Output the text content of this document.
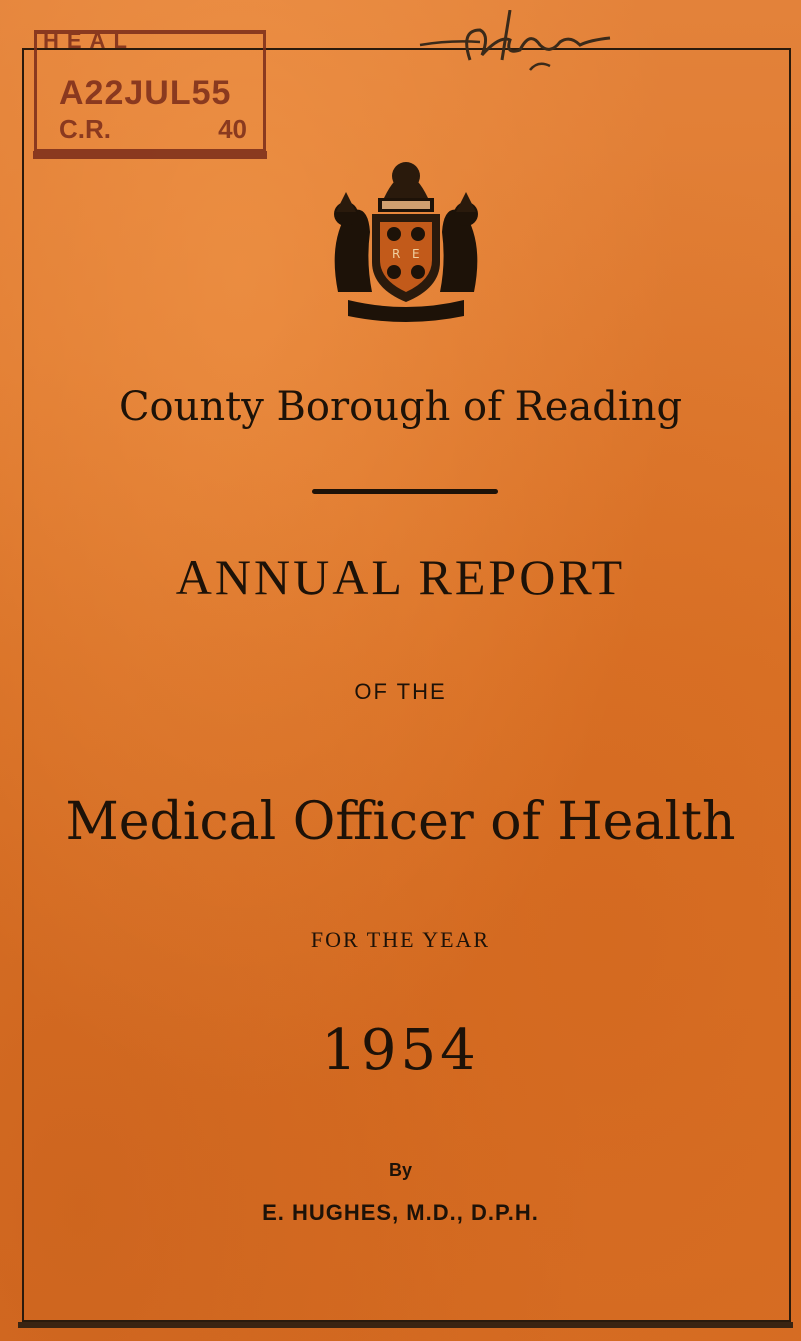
HEAL
A22JUL55
C.R.	40
R E
County Borough of Reading
ANNUAL REPORT
OF THE
Medical Officer of Health
FOR THE YEAR
1954
By
E. HUGHES, M.D., D.P.H.
